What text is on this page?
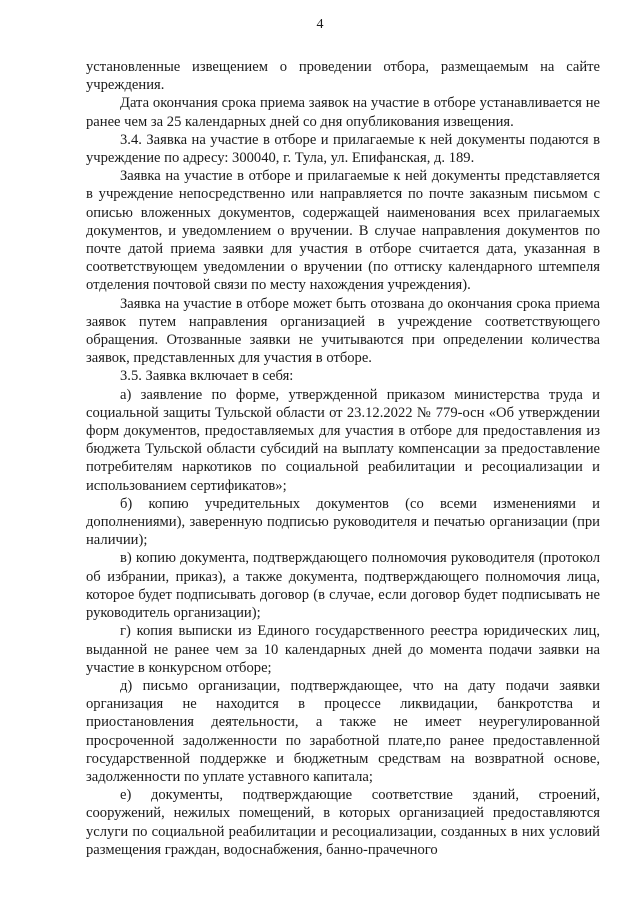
4

установленные извещением о проведении отбора, размещаемым на сайте учреждения.

Дата окончания срока приема заявок на участие в отборе устанавливается не ранее чем за 25 календарных дней со дня опубликования извещения.

3.4. Заявка на участие в отборе и прилагаемые к ней документы подаются в учреждение по адресу: 300040, г. Тула, ул. Епифанская, д. 189.

Заявка на участие в отборе и прилагаемые к ней документы представляется в учреждение непосредственно или направляется по почте заказным письмом с описью вложенных документов, содержащей наименования всех прилагаемых документов, и уведомлением о вручении. В случае направления документов по почте датой приема заявки для участия в отборе считается дата, указанная в соответствующем уведомлении о вручении (по оттиску календарного штемпеля отделения почтовой связи по месту нахождения учреждения).

Заявка на участие в отборе может быть отозвана до окончания срока приема заявок путем направления организацией в учреждение соответствующего обращения. Отозванные заявки не учитываются при определении количества заявок, представленных для участия в отборе.

3.5. Заявка включает в себя:

а) заявление по форме, утвержденной приказом министерства труда и социальной защиты Тульской области от 23.12.2022 № 779-осн «Об утверждении форм документов, предоставляемых для участия в отборе для предоставления из бюджета Тульской области субсидий на выплату компенсации за предоставление потребителям наркотиков по социальной реабилитации и ресоциализации и использованием сертификатов»;

б) копию учредительных документов (со всеми изменениями и дополнениями), заверенную подписью руководителя и печатью организации (при наличии);

в) копию документа, подтверждающего полномочия руководителя (протокол об избрании, приказ), а также документа, подтверждающего полномочия лица, которое будет подписывать договор (в случае, если договор будет подписывать не руководитель организации);

г) копия выписки из Единого государственного реестра юридических лиц, выданной не ранее чем за 10 календарных дней до момента подачи заявки на участие в конкурсном отборе;

д) письмо организации, подтверждающее, что на дату подачи заявки организация не находится в процессе ликвидации, банкротства и приостановления деятельности, а также не имеет неурегулированной просроченной задолженности по заработной плате,по ранее предоставленной государственной поддержке и бюджетным средствам на возвратной основе, задолженности по уплате уставного капитала;

е) документы, подтверждающие соответствие зданий, строений, сооружений, нежилых помещений, в которых организацией предоставляются услуги по социальной реабилитации и ресоциализации, созданных в них условий размещения граждан, водоснабжения, банно-прачечного
